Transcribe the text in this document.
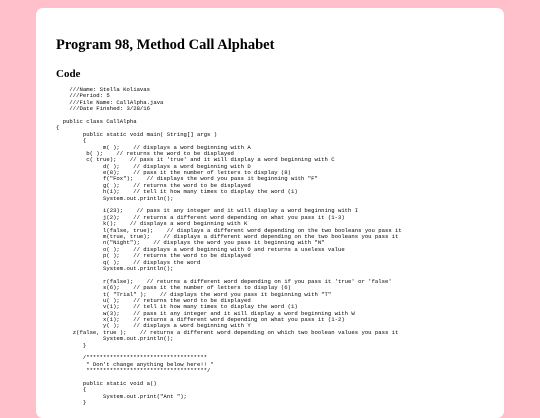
Program 98, Method Call Alphabet
Code
///Name: Stella Koliavas
///Period: 5
///File Name: CallAlpha.java
///Date Finshed: 3/28/16
public class CallAlpha
{
public static void main( String[] args )
{
m( );    // displays a word beginning with A
b( );    // returns the word to be displayed
c( true);    // pass it 'true' and it will display a word beginning with C
d( );    // displays a word beginning with D
e(8);    // pass it the number of letters to display (8)
f("Fox");    // displays the word you pass it beginning with "F"
g( );    // returns the word to be displayed
h(1);    // tell it how many times to display the word (1)
System.out.println();
i(23);    // pass it any integer and it will display a word beginning with I
j(2);    // returns a different word depending on what you pass it (1-3)
k();    // displays a word beginning with K
l(false, true);    // displays a different word depending on the two booleans you pass it
m(true, true);    // displays a different word depending on the two booleans you pass it
n("Night");    // displays the word you pass it beginning with "N"
o( );    // displays a word beginning with O and returns a useless value
p( );    // returns the word to be displayed
q( );    // displays the word
System.out.println();
r(false);    // returns a different word depending on if you pass it 'true' or 'false'
s(6);    // pass it the number of letters to display (6)
t( "Trial" );    // displays the word you pass it beginning with "T"
u( );    // returns the word to be displayed
v(1);    // tell it how many times to display the word (1)
w(3);    // pass it any integer and it will display a word beginning with W
x(1);    // returns a different word depending on what you pass it (1-2)
y( );    // displays a word beginning with Y
z(false, true );    // returns a different word depending on which two boolean values you pass it
System.out.println();
}
/************************************
* Don't change anything below here!! *
************************************/
public static void a()
{
System.out.print("Ant ");
}
